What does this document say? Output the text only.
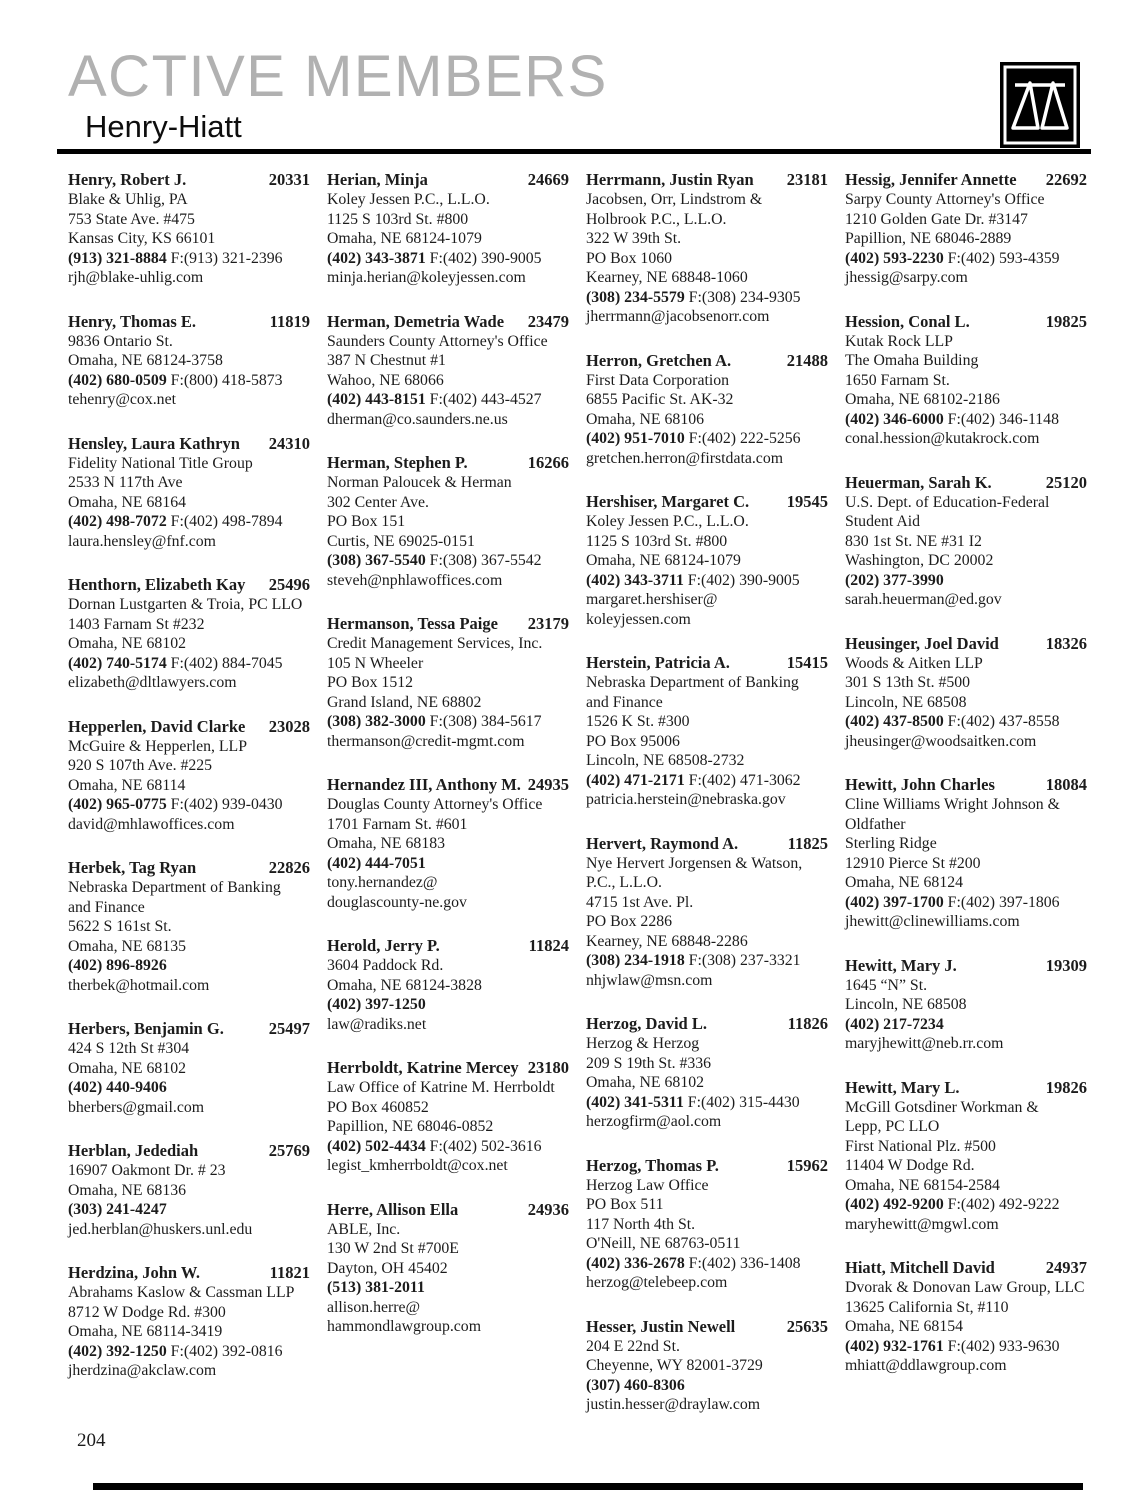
ACTIVE MEMBERS
Henry-Hiatt
Henry, Robert J.	20331
Blake & Uhlig, PA
753 State Ave. #475
Kansas City, KS 66101
(913) 321-8884 F:(913) 321-2396
rjh@blake-uhlig.com
Henry, Thomas E.	11819
9836 Ontario St.
Omaha, NE 68124-3758
(402) 680-0509 F:(800) 418-5873
tehenry@cox.net
Hensley, Laura Kathryn	24310
Fidelity National Title Group
2533 N 117th Ave
Omaha, NE 68164
(402) 498-7072 F:(402) 498-7894
laura.hensley@fnf.com
Henthorn, Elizabeth Kay	25496
Dornan Lustgarten & Troia, PC LLO
1403 Farnam St #232
Omaha, NE 68102
(402) 740-5174 F:(402) 884-7045
elizabeth@dltlawyers.com
Hepperlen, David Clarke	23028
McGuire & Hepperlen, LLP
920 S 107th Ave. #225
Omaha, NE 68114
(402) 965-0775 F:(402) 939-0430
david@mhlawoffices.com
Herbek, Tag Ryan	22826
Nebraska Department of Banking
and Finance
5622 S 161st St.
Omaha, NE 68135
(402) 896-8926
therbek@hotmail.com
Herbers, Benjamin G.	25497
424 S 12th St #304
Omaha, NE 68102
(402) 440-9406
bherbers@gmail.com
Herblan, Jedediah	25769
16907 Oakmont Dr. # 23
Omaha, NE 68136
(303) 241-4247
jed.herblan@huskers.unl.edu
Herdzina, John W.	11821
Abrahams Kaslow & Cassman LLP
8712 W Dodge Rd. #300
Omaha, NE 68114-3419
(402) 392-1250 F:(402) 392-0816
jherdzina@akclaw.com
Herian, Minja	24669
Koley Jessen P.C., L.L.O.
1125 S 103rd St. #800
Omaha, NE 68124-1079
(402) 343-3871 F:(402) 390-9005
minja.herian@koleyjessen.com
Herman, Demetria Wade	23479
Saunders County Attorney's Office
387 N Chestnut #1
Wahoo, NE 68066
(402) 443-8151 F:(402) 443-4527
dherman@co.saunders.ne.us
Herman, Stephen P.	16266
Norman Paloucek & Herman
302 Center Ave.
PO Box 151
Curtis, NE 69025-0151
(308) 367-5540 F:(308) 367-5542
steveh@nphlawoffices.com
Hermanson, Tessa Paige	23179
Credit Management Services, Inc.
105 N Wheeler
PO Box 1512
Grand Island, NE 68802
(308) 382-3000 F:(308) 384-5617
thermanson@credit-mgmt.com
Hernandez III, Anthony M. 24935
Douglas County Attorney's Office
1701 Farnam St. #601
Omaha, NE 68183
(402) 444-7051
tony.hernandez@
douglascounty-ne.gov
Herold, Jerry P.	11824
3604 Paddock Rd.
Omaha, NE 68124-3828
(402) 397-1250
law@radiks.net
Herrboldt, Katrine Mercey 23180
Law Office of Katrine M. Herrboldt
PO Box 460852
Papillion, NE 68046-0852
(402) 502-4434 F:(402) 502-3616
legist_kmherrboldt@cox.net
Herre, Allison Ella	24936
ABLE, Inc.
130 W 2nd St #700E
Dayton, OH 45402
(513) 381-2011
allison.herre@
hammondlawgroup.com
Herrmann, Justin Ryan	23181
Jacobsen, Orr, Lindstrom &
Holbrook P.C., L.L.O.
322 W 39th St.
PO Box 1060
Kearney, NE 68848-1060
(308) 234-5579 F:(308) 234-9305
jherrmann@jacobsenorr.com
Herron, Gretchen A.	21488
First Data Corporation
6855 Pacific St. AK-32
Omaha, NE 68106
(402) 951-7010 F:(402) 222-5256
gretchen.herron@firstdata.com
Hershiser, Margaret C.	19545
Koley Jessen P.C., L.L.O.
1125 S 103rd St. #800
Omaha, NE 68124-1079
(402) 343-3711 F:(402) 390-9005
margaret.hershiser@
koleyjessen.com
Herstein, Patricia A.	15415
Nebraska Department of Banking
and Finance
1526 K St. #300
PO Box 95006
Lincoln, NE 68508-2732
(402) 471-2171 F:(402) 471-3062
patricia.herstein@nebraska.gov
Hervert, Raymond A.	11825
Nye Hervert Jorgensen & Watson,
P.C., L.L.O.
4715 1st Ave. Pl.
PO Box 2286
Kearney, NE 68848-2286
(308) 234-1918 F:(308) 237-3321
nhjwlaw@msn.com
Herzog, David L.	11826
Herzog & Herzog
209 S 19th St. #336
Omaha, NE 68102
(402) 341-5311 F:(402) 315-4430
herzogfirm@aol.com
Herzog, Thomas P.	15962
Herzog Law Office
PO Box 511
117 North 4th St.
O'Neill, NE 68763-0511
(402) 336-2678 F:(402) 336-1408
herzog@telebeep.com
Hesser, Justin Newell	25635
204 E 22nd St.
Cheyenne, WY 82001-3729
(307) 460-8306
justin.hesser@draylaw.com
Hessig, Jennifer Annette	22692
Sarpy County Attorney's Office
1210 Golden Gate Dr. #3147
Papillion, NE 68046-2889
(402) 593-2230 F:(402) 593-4359
jhessig@sarpy.com
Hession, Conal L.	19825
Kutak Rock LLP
The Omaha Building
1650 Farnam St.
Omaha, NE 68102-2186
(402) 346-6000 F:(402) 346-1148
conal.hession@kutakrock.com
Heuerman, Sarah K.	25120
U.S. Dept. of Education-Federal
Student Aid
830 1st St. NE #31 I2
Washington, DC 20002
(202) 377-3990
sarah.heuerman@ed.gov
Heusinger, Joel David	18326
Woods & Aitken LLP
301 S 13th St. #500
Lincoln, NE 68508
(402) 437-8500 F:(402) 437-8558
jheusinger@woodsaitken.com
Hewitt, John Charles	18084
Cline Williams Wright Johnson &
Oldfather
Sterling Ridge
12910 Pierce St #200
Omaha, NE 68124
(402) 397-1700 F:(402) 397-1806
jhewitt@clinewilliams.com
Hewitt, Mary J.	19309
1645 “N” St.
Lincoln, NE 68508
(402) 217-7234
maryjhewitt@neb.rr.com
Hewitt, Mary L.	19826
McGill Gotsdiner Workman &
Lepp, PC LLO
First National Plz. #500
11404 W Dodge Rd.
Omaha, NE 68154-2584
(402) 492-9200 F:(402) 492-9222
maryhewitt@mgwl.com
Hiatt, Mitchell David	24937
Dvorak & Donovan Law Group, LLC
13625 California St, #110
Omaha, NE 68154
(402) 932-1761 F:(402) 933-9630
mhiatt@ddlawgroup.com
204
